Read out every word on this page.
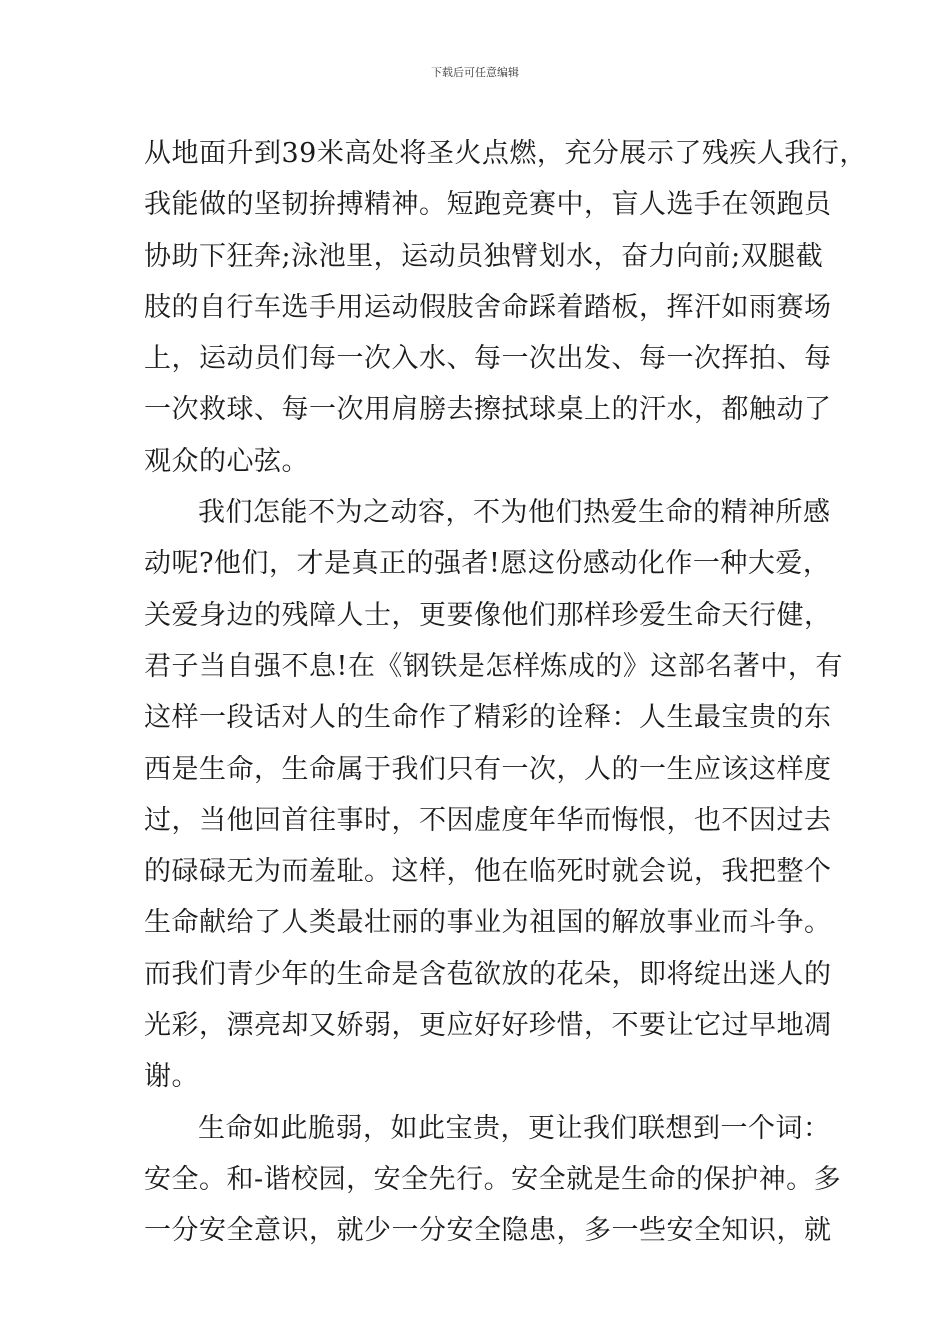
下载后可任意编辑

从地面升到39米高处将圣火点燃，充分展示了残疾人我行，
我能做的坚韧拚搏精神。短跑竞赛中，盲人选手在领跑员
协助下狂奔;泳池里，运动员独臂划水，奋力向前;双腿截
肢的自行车选手用运动假肢舍命踩着踏板，挥汗如雨赛场
上，运动员们每一次入水、每一次出发、每一次挥拍、每
一次救球、每一次用肩膀去擦拭球桌上的汗水，都触动了
观众的心弦。

我们怎能不为之动容，不为他们热爱生命的精神所感
动呢?他们，才是真正的强者!愿这份感动化作一种大爱，
关爱身边的残障人士，更要像他们那样珍爱生命天行健，
君子当自强不息!在《钢铁是怎样炼成的》这部名著中，有
这样一段话对人的生命作了精彩的诠释：人生最宝贵的东
西是生命，生命属于我们只有一次，人的一生应该这样度
过，当他回首往事时，不因虚度年华而悔恨，也不因过去
的碌碌无为而羞耻。这样，他在临死时就会说，我把整个
生命献给了人类最壮丽的事业为祖国的解放事业而斗争。
而我们青少年的生命是含苞欲放的花朵，即将绽出迷人的
光彩，漂亮却又娇弱，更应好好珍惜，不要让它过早地凋
谢。

生命如此脆弱，如此宝贵，更让我们联想到一个词：
安全。和-谐校园，安全先行。安全就是生命的保护神。多
一分安全意识，就少一分安全隐患，多一些安全知识，就
